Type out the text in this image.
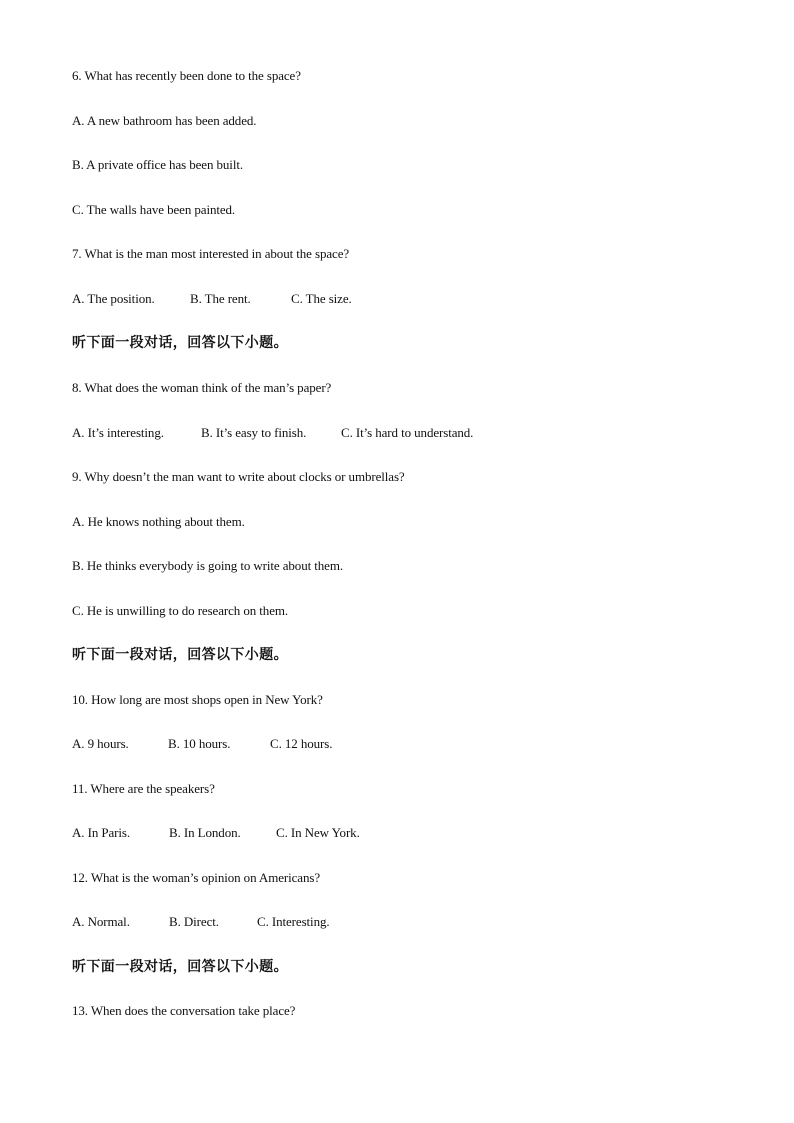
6. What has recently been done to the space?
A. A new bathroom has been added.
B. A private office has been built.
C. The walls have been painted.
7. What is the man most interested in about the space?
A. The position.	B. The rent.	C. The size.
听下面一段对话，回答以下小题。
8. What does the woman think of the man’s paper?
A. It’s interesting.	B. It’s easy to finish.	C. It’s hard to understand.
9. Why doesn’t the man want to write about clocks or umbrellas?
A. He knows nothing about them.
B. He thinks everybody is going to write about them.
C. He is unwilling to do research on them.
听下面一段对话，回答以下小题。
10. How long are most shops open in New York?
A. 9 hours.	B. 10 hours.	C. 12 hours.
11. Where are the speakers?
A. In Paris.	B. In London.	C. In New York.
12. What is the woman’s opinion on Americans?
A. Normal.	B. Direct.	C. Interesting.
听下面一段对话，回答以下小题。
13. When does the conversation take place?
